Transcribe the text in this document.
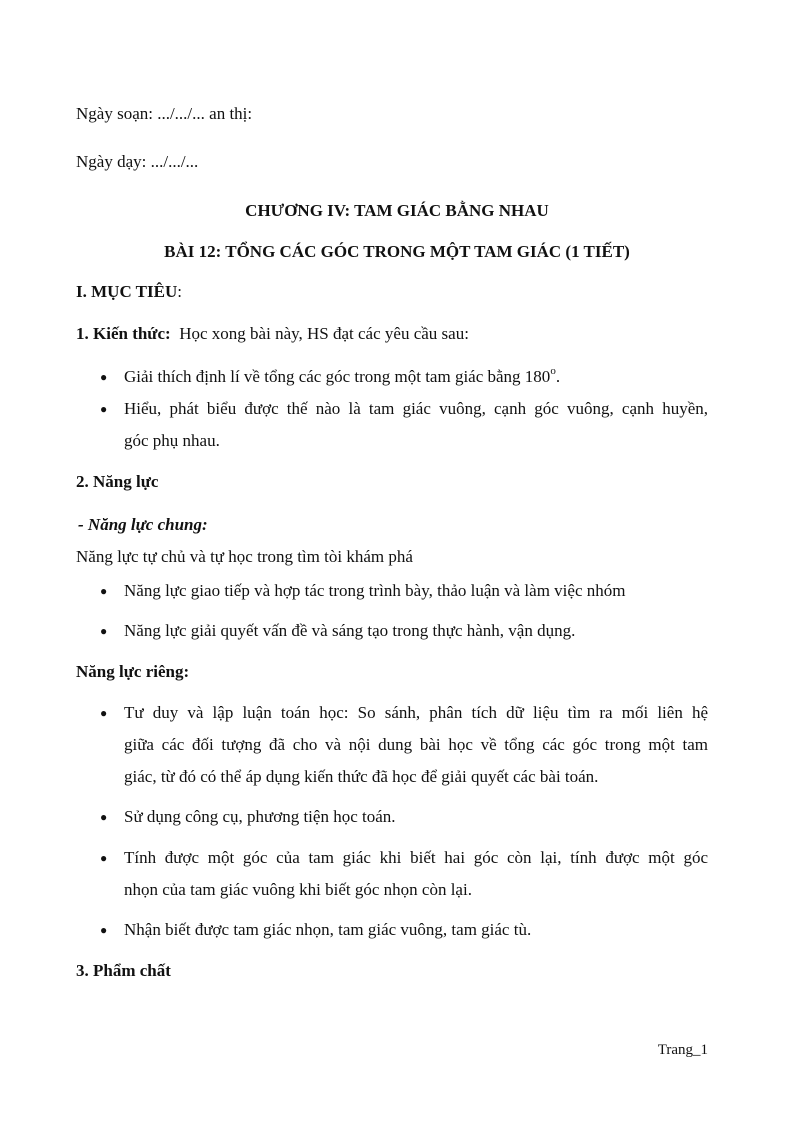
Ngày soạn: .../.../... an thị:
Ngày dạy: .../.../...
CHƯƠNG IV: TAM GIÁC BẰNG NHAU
BÀI 12: TỔNG CÁC GÓC TRONG MỘT TAM GIÁC (1 TIẾT)
I. MỤC TIÊU:
1. Kiến thức: Học xong bài này, HS đạt các yêu cầu sau:
● Giải thích định lí về tổng các góc trong một tam giác bằng 180$^o$.
● Hiểu, phát biểu được thế nào là tam giác vuông, cạnh góc vuông, cạnh huyền,
góc phụ nhau.
2. Năng lực
- Năng lực chung:
Năng lực tự chủ và tự học trong tìm tòi khám phá
● Năng lực giao tiếp và hợp tác trong trình bày, thảo luận và làm việc nhóm
● Năng lực giải quyết vấn đề và sáng tạo trong thực hành, vận dụng.
Năng lực riêng:
● Tư duy và lập luận toán học: So sánh, phân tích dữ liệu tìm ra mối liên hệ
giữa các đối tượng đã cho và nội dung bài học về tổng các góc trong một tam
giác, từ đó có thể áp dụng kiến thức đã học để giải quyết các bài toán.
● Sử dụng công cụ, phương tiện học toán.
● Tính được một góc của tam giác khi biết hai góc còn lại, tính được một góc
nhọn của tam giác vuông khi biết góc nhọn còn lại.
● Nhận biết được tam giác nhọn, tam giác vuông, tam giác tù.
3. Phẩm chất
Trang_1
